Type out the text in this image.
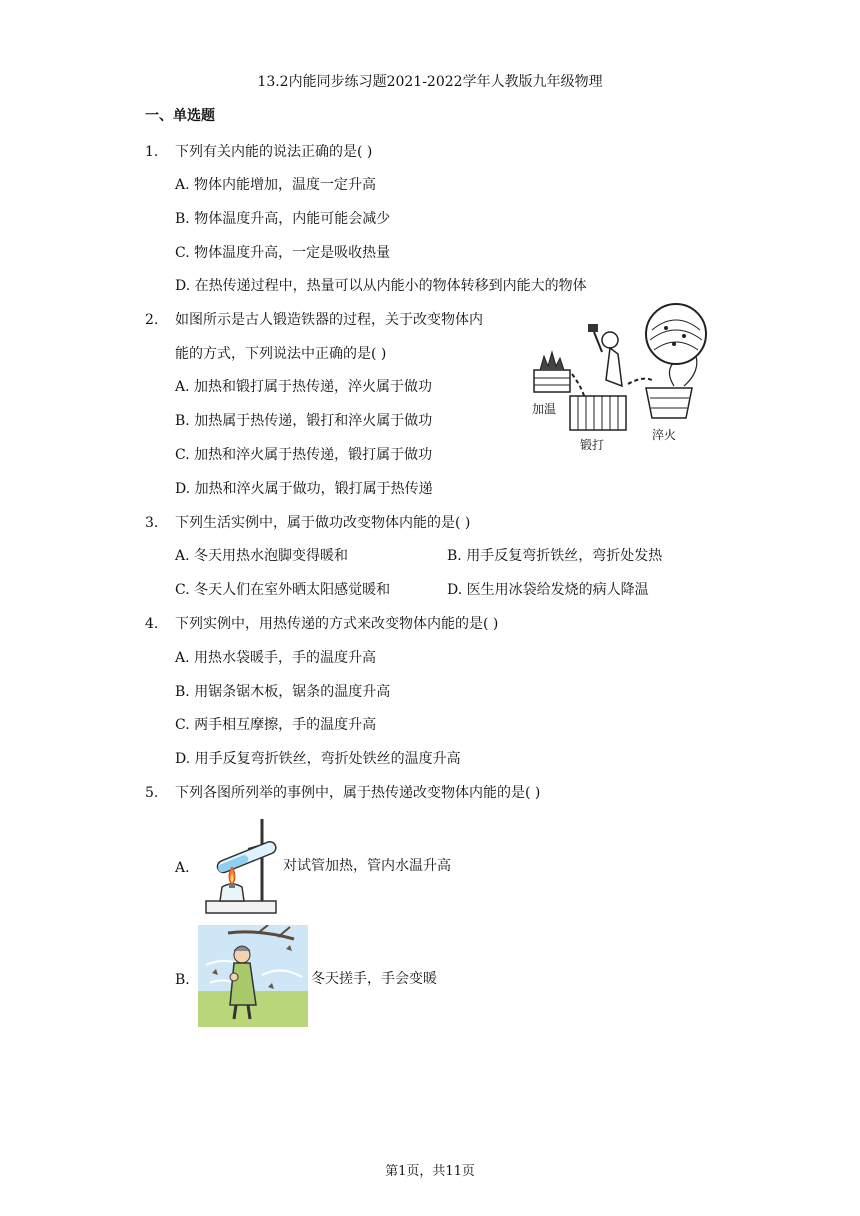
13.2内能同步练习题2021-2022学年人教版九年级物理
一、单选题
1. 下列有关内能的说法正确的是( )
A. 物体内能增加，温度一定升高
B. 物体温度升高，内能可能会减少
C. 物体温度升高，一定是吸收热量
D. 在热传递过程中，热量可以从内能小的物体转移到内能大的物体
2. 如图所示是古人锻造铁器的过程，关于改变物体内
能的方式，下列说法中正确的是( )
A. 加热和锻打属于热传递，淬火属于做功
B. 加热属于热传递，锻打和淬火属于做功
C. 加热和淬火属于热传递，锻打属于做功
D. 加热和淬火属于做功，锻打属于热传递
加温
锻打
淬火
3. 下列生活实例中，属于做功改变物体内能的是( )
A. 冬天用热水泡脚变得暖和	B. 用手反复弯折铁丝，弯折处发热
C. 冬天人们在室外晒太阳感觉暖和	D. 医生用冰袋给发烧的病人降温
4. 下列实例中，用热传递的方式来改变物体内能的是( )
A. 用热水袋暖手，手的温度升高
B. 用锯条锯木板，锯条的温度升高
C. 两手相互摩擦，手的温度升高
D. 用手反复弯折铁丝，弯折处铁丝的温度升高
5. 下列各图所列举的事例中，属于热传递改变物体内能的是( )
A.	对试管加热，管内水温升高
B.	冬天搓手，手会变暖
第1页，共11页
